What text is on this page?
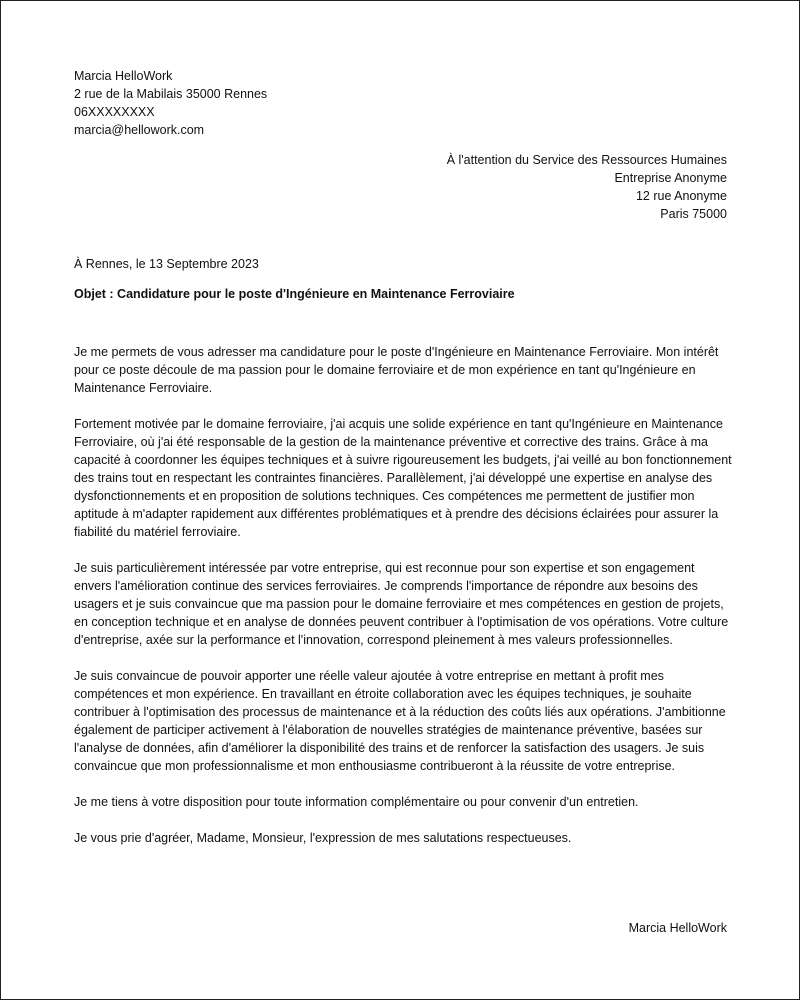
Marcia HelloWork
2 rue de la Mabilais 35000 Rennes
06XXXXXXXX
marcia@hellowork.com
À l'attention du Service des Ressources Humaines
Entreprise Anonyme
12 rue Anonyme
Paris 75000
À Rennes, le 13 Septembre 2023
Objet : Candidature pour le poste d'Ingénieure en Maintenance Ferroviaire

Je me permets de vous adresser ma candidature pour le poste d'Ingénieure en Maintenance Ferroviaire. Mon intérêt pour ce poste découle de ma passion pour le domaine ferroviaire et de mon expérience en tant qu'Ingénieure en Maintenance Ferroviaire.

Fortement motivée par le domaine ferroviaire, j'ai acquis une solide expérience en tant qu'Ingénieure en Maintenance Ferroviaire, où j'ai été responsable de la gestion de la maintenance préventive et corrective des trains. Grâce à ma capacité à coordonner les équipes techniques et à suivre rigoureusement les budgets, j'ai veillé au bon fonctionnement des trains tout en respectant les contraintes financières. Parallèlement, j'ai développé une expertise en analyse des dysfonctionnements et en proposition de solutions techniques. Ces compétences me permettent de justifier mon aptitude à m'adapter rapidement aux différentes problématiques et à prendre des décisions éclairées pour assurer la fiabilité du matériel ferroviaire.

Je suis particulièrement intéressée par votre entreprise, qui est reconnue pour son expertise et son engagement envers l'amélioration continue des services ferroviaires. Je comprends l'importance de répondre aux besoins des usagers et je suis convaincue que ma passion pour le domaine ferroviaire et mes compétences en gestion de projets, en conception technique et en analyse de données peuvent contribuer à l'optimisation de vos opérations. Votre culture d'entreprise, axée sur la performance et l'innovation, correspond pleinement à mes valeurs professionnelles.

Je suis convaincue de pouvoir apporter une réelle valeur ajoutée à votre entreprise en mettant à profit mes compétences et mon expérience. En travaillant en étroite collaboration avec les équipes techniques, je souhaite contribuer à l'optimisation des processus de maintenance et à la réduction des coûts liés aux opérations. J'ambitionne également de participer activement à l'élaboration de nouvelles stratégies de maintenance préventive, basées sur l'analyse de données, afin d'améliorer la disponibilité des trains et de renforcer la satisfaction des usagers. Je suis convaincue que mon professionnalisme et mon enthousiasme contribueront à la réussite de votre entreprise.

Je me tiens à votre disposition pour toute information complémentaire ou pour convenir d'un entretien.

Je vous prie d'agréer, Madame, Monsieur, l'expression de mes salutations respectueuses.

Marcia HelloWork
